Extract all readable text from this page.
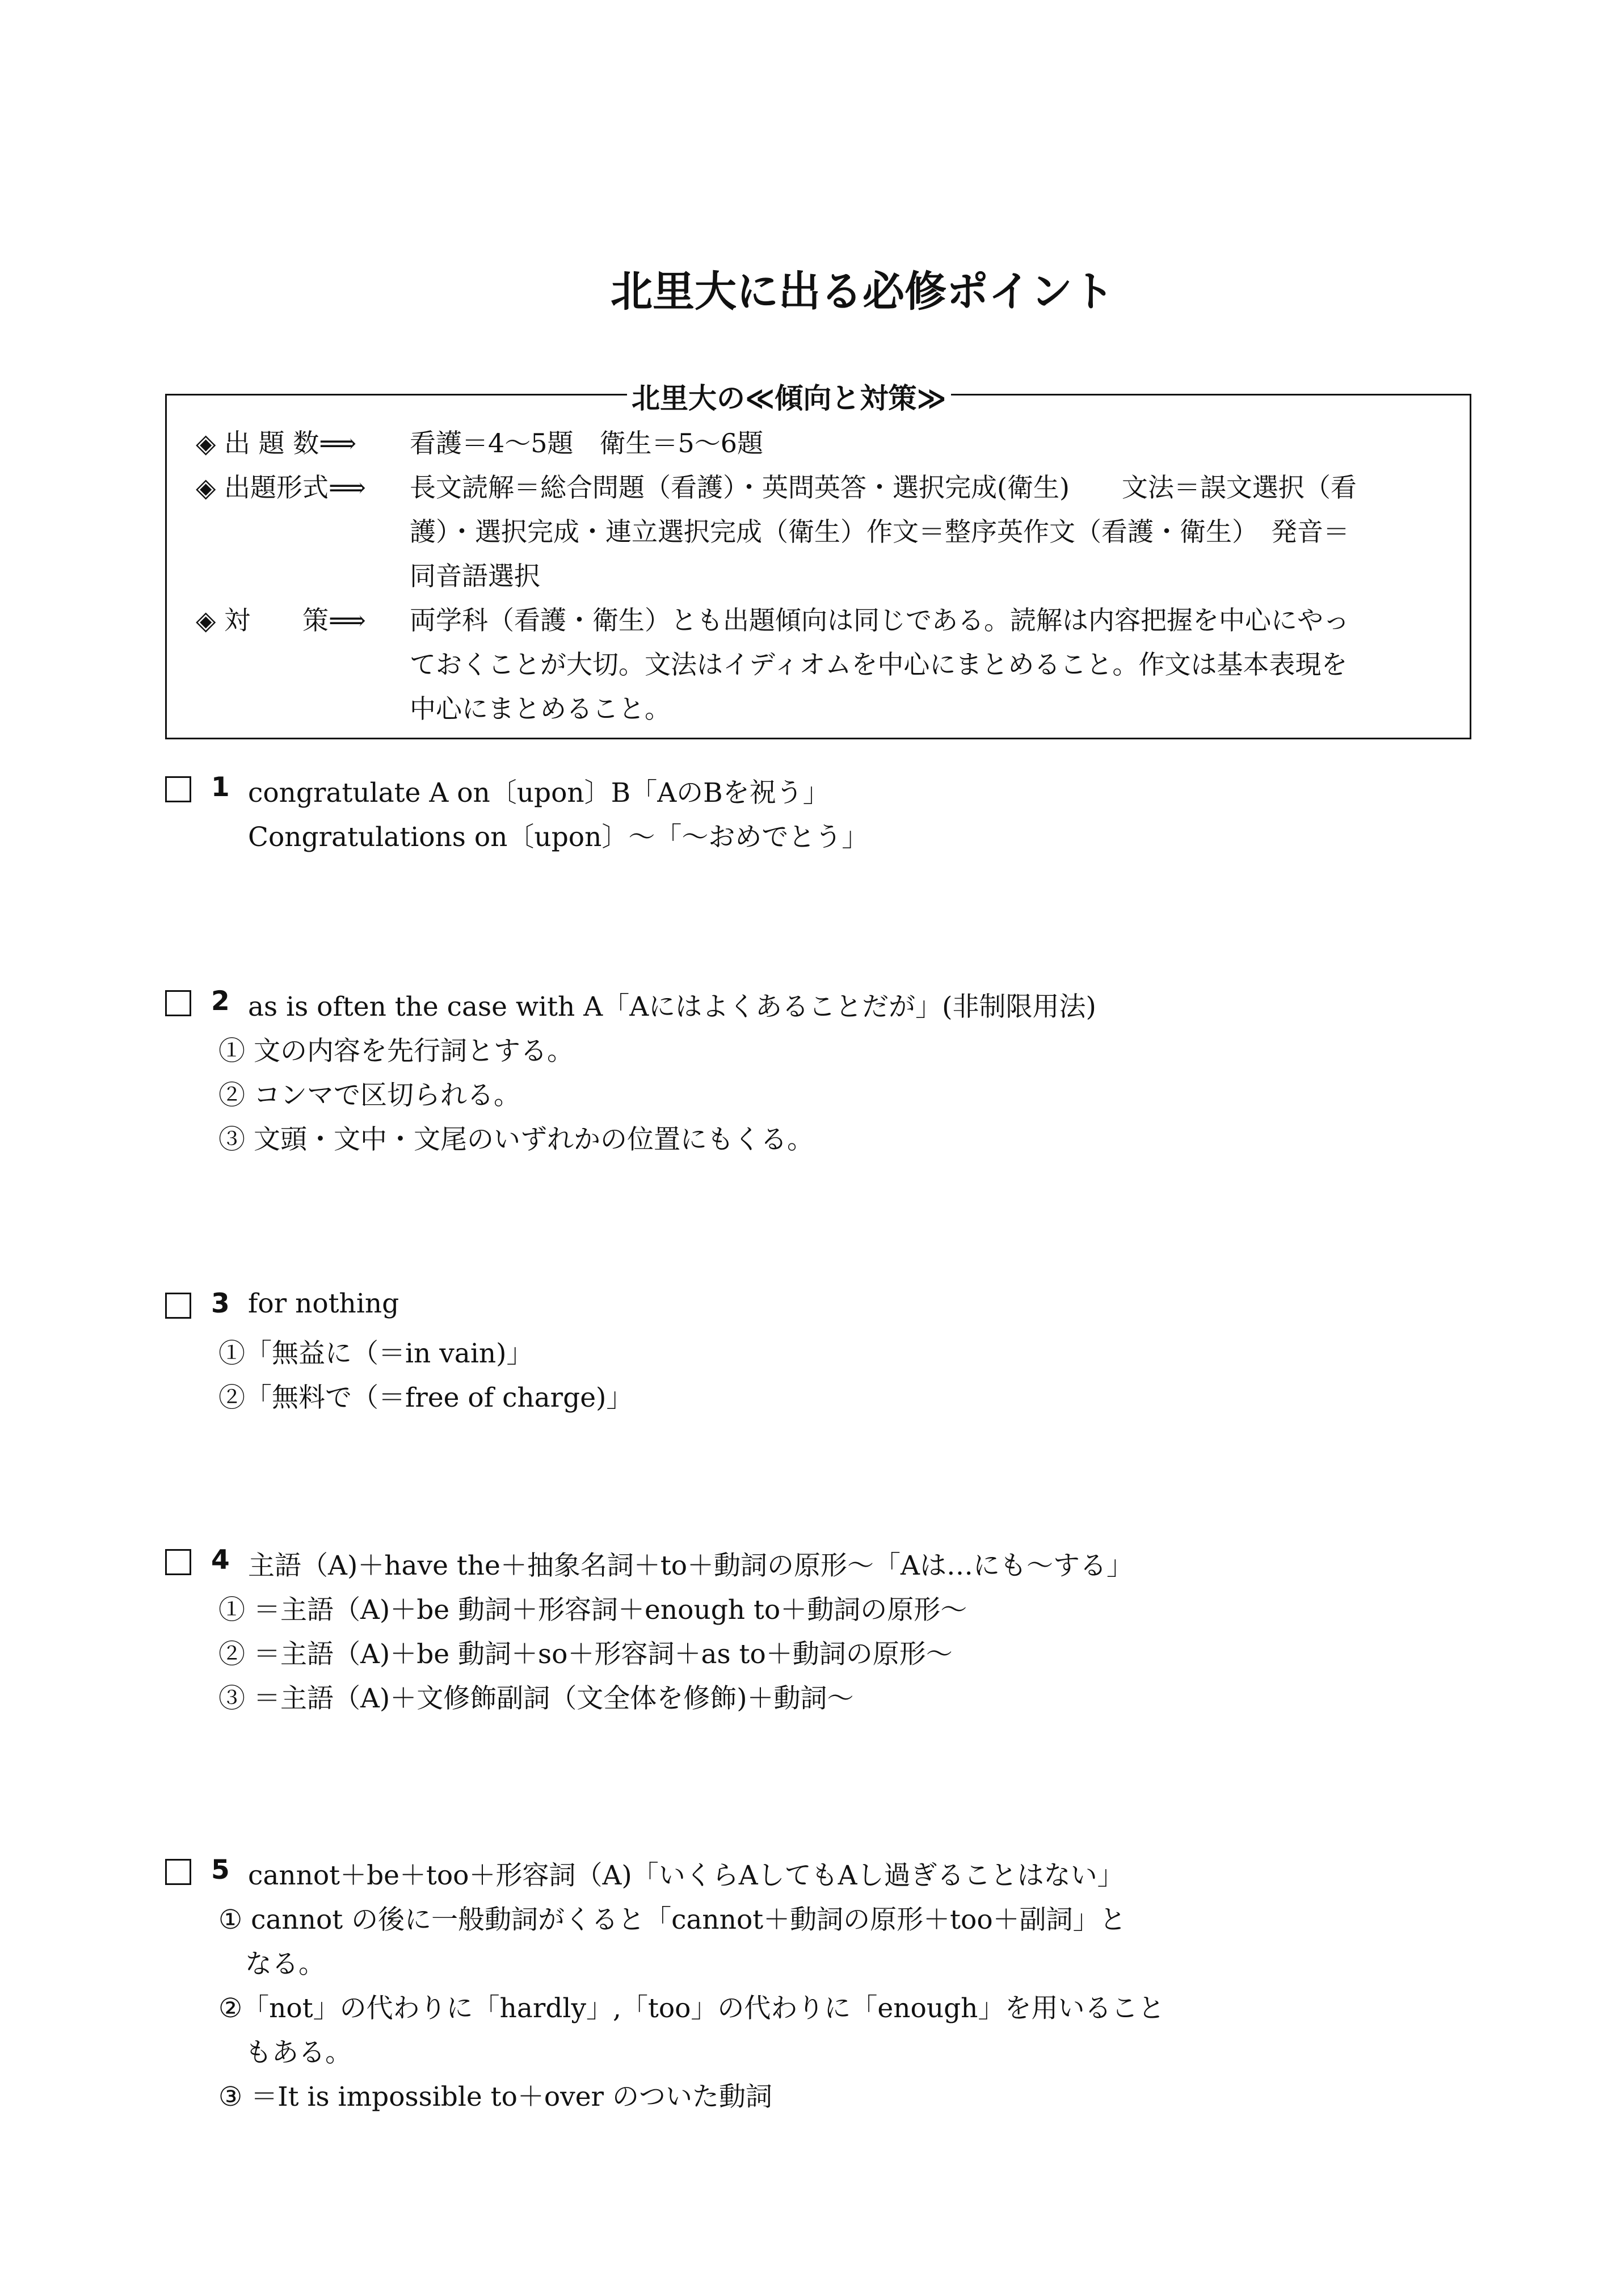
北里大に出る必修ポイント
北里大の≪傾向と対策≫
◈ 出 題 数⟹ 看護＝4〜5題　衛生＝5〜6題
◈ 出題形式⟹ 長文読解＝総合問題（看護）・英問英答・選択完成(衛生)　　文法＝誤文選択（看
護）・選択完成・連立選択完成（衛生）作文＝整序英作文（看護・衛生）　発音＝
同音語選択
◈ 対　　策⟹ 両学科（看護・衛生）とも出題傾向は同じである。読解は内容把握を中心にやっ
ておくことが大切。文法はイディオムを中心にまとめること。作文は基本表現を
中心にまとめること。
1 congratulate A on〔upon〕B「AのBを祝う」
Congratulations on〔upon〕〜「〜おめでとう」
2 as is often the case with A「Aにはよくあることだが」(非制限用法)
① 文の内容を先行詞とする。
② コンマで区切られる。
③ 文頭・文中・文尾のいずれかの位置にもくる。
3 for nothing
①「無益に（＝in vain)」
②「無料で（＝free of charge)」
4 主語（A)＋have the＋抽象名詞＋to＋動詞の原形〜「Aは…にも〜する」
① ＝主語（A)＋be 動詞＋形容詞＋enough to＋動詞の原形〜
② ＝主語（A)＋be 動詞＋so＋形容詞＋as to＋動詞の原形〜
③ ＝主語（A)＋文修飾副詞（文全体を修飾)＋動詞〜
5 cannot＋be＋too＋形容詞（A)「いくらAしてもAし過ぎることはない」
① cannot の後に一般動詞がくると「cannot＋動詞の原形＋too＋副詞」と
　なる。
②「not」の代わりに「hardly」,「too」の代わりに「enough」を用いること
　もある。
③ ＝It is impossible to＋over のついた動詞
